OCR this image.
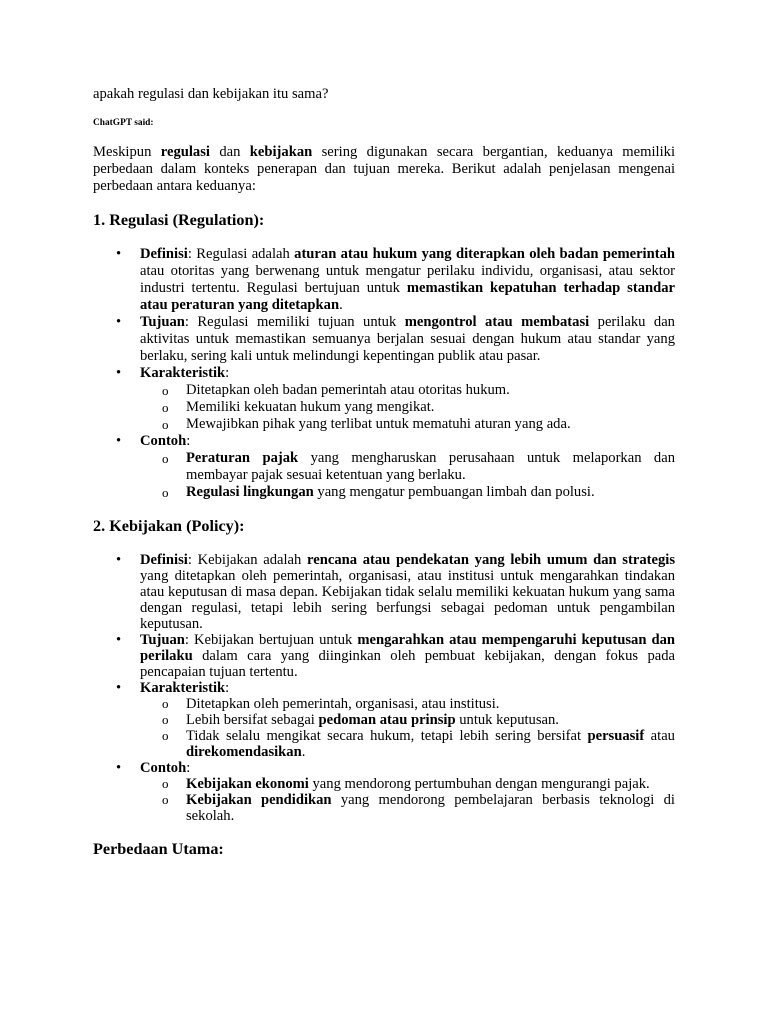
apakah regulasi dan kebijakan itu sama?

ChatGPT said:

Meskipun regulasi dan kebijakan sering digunakan secara bergantian, keduanya memiliki perbedaan dalam konteks penerapan dan tujuan mereka. Berikut adalah penjelasan mengenai perbedaan antara keduanya:

1. Regulasi (Regulation):
• Definisi: Regulasi adalah aturan atau hukum yang diterapkan oleh badan pemerintah atau otoritas yang berwenang untuk mengatur perilaku individu, organisasi, atau sektor industri tertentu. Regulasi bertujuan untuk memastikan kepatuhan terhadap standar atau peraturan yang ditetapkan.
• Tujuan: Regulasi memiliki tujuan untuk mengontrol atau membatasi perilaku dan aktivitas untuk memastikan semuanya berjalan sesuai dengan hukum atau standar yang berlaku, sering kali untuk melindungi kepentingan publik atau pasar.
• Karakteristik:
o Ditetapkan oleh badan pemerintah atau otoritas hukum.
o Memiliki kekuatan hukum yang mengikat.
o Mewajibkan pihak yang terlibat untuk mematuhi aturan yang ada.
• Contoh:
o Peraturan pajak yang mengharuskan perusahaan untuk melaporkan dan membayar pajak sesuai ketentuan yang berlaku.
o Regulasi lingkungan yang mengatur pembuangan limbah dan polusi.
2. Kebijakan (Policy):
• Definisi: Kebijakan adalah rencana atau pendekatan yang lebih umum dan strategis yang ditetapkan oleh pemerintah, organisasi, atau institusi untuk mengarahkan tindakan atau keputusan di masa depan. Kebijakan tidak selalu memiliki kekuatan hukum yang sama dengan regulasi, tetapi lebih sering berfungsi sebagai pedoman untuk pengambilan keputusan.
• Tujuan: Kebijakan bertujuan untuk mengarahkan atau mempengaruhi keputusan dan perilaku dalam cara yang diinginkan oleh pembuat kebijakan, dengan fokus pada pencapaian tujuan tertentu.
• Karakteristik:
o Ditetapkan oleh pemerintah, organisasi, atau institusi.
o Lebih bersifat sebagai pedoman atau prinsip untuk keputusan.
o Tidak selalu mengikat secara hukum, tetapi lebih sering bersifat persuasif atau direkomendasikan.
• Contoh:
o Kebijakan ekonomi yang mendorong pertumbuhan dengan mengurangi pajak.
o Kebijakan pendidikan yang mendorong pembelajaran berbasis teknologi di sekolah.
Perbedaan Utama:
